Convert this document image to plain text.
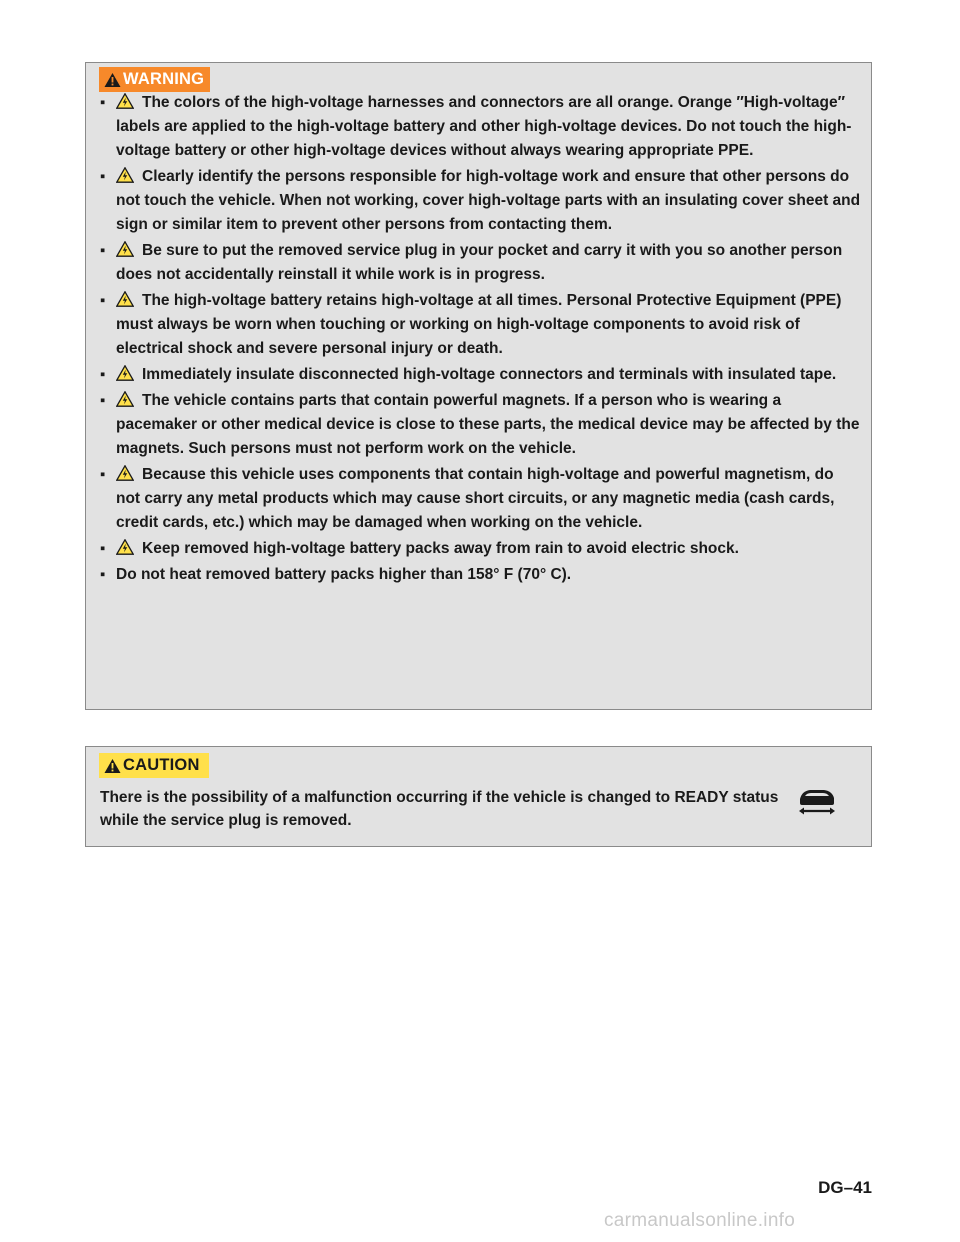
WARNING
▪ The colors of the high-voltage harnesses and connectors are all orange. Orange ″High-voltage″ labels are applied to the high-voltage battery and other high-voltage devices. Do not touch the high-voltage battery or other high-voltage devices without always wearing appropriate PPE.
▪ Clearly identify the persons responsible for high-voltage work and ensure that other persons do not touch the vehicle. When not working, cover high-voltage parts with an insulating cover sheet and sign or similar item to prevent other persons from contacting them.
▪ Be sure to put the removed service plug in your pocket and carry it with you so another person does not accidentally reinstall it while work is in progress.
▪ The high-voltage battery retains high-voltage at all times. Personal Protective Equipment (PPE) must always be worn when touching or working on high-voltage components to avoid risk of electrical shock and severe personal injury or death.
▪ Immediately insulate disconnected high-voltage connectors and terminals with insulated tape.
▪ The vehicle contains parts that contain powerful magnets. If a person who is wearing a pacemaker or other medical device is close to these parts, the medical device may be affected by the magnets. Such persons must not perform work on the vehicle.
▪ Because this vehicle uses components that contain high-voltage and powerful magnetism, do not carry any metal products which may cause short circuits, or any magnetic media (cash cards, credit cards, etc.) which may be damaged when working on the vehicle.
▪ Keep removed high-voltage battery packs away from rain to avoid electric shock.
▪ Do not heat removed battery packs higher than 158° F (70° C).
CAUTION
There is the possibility of a malfunction occurring if the vehicle is changed to READY status while the service plug is removed.
DG–41
carmanualsonline.info
